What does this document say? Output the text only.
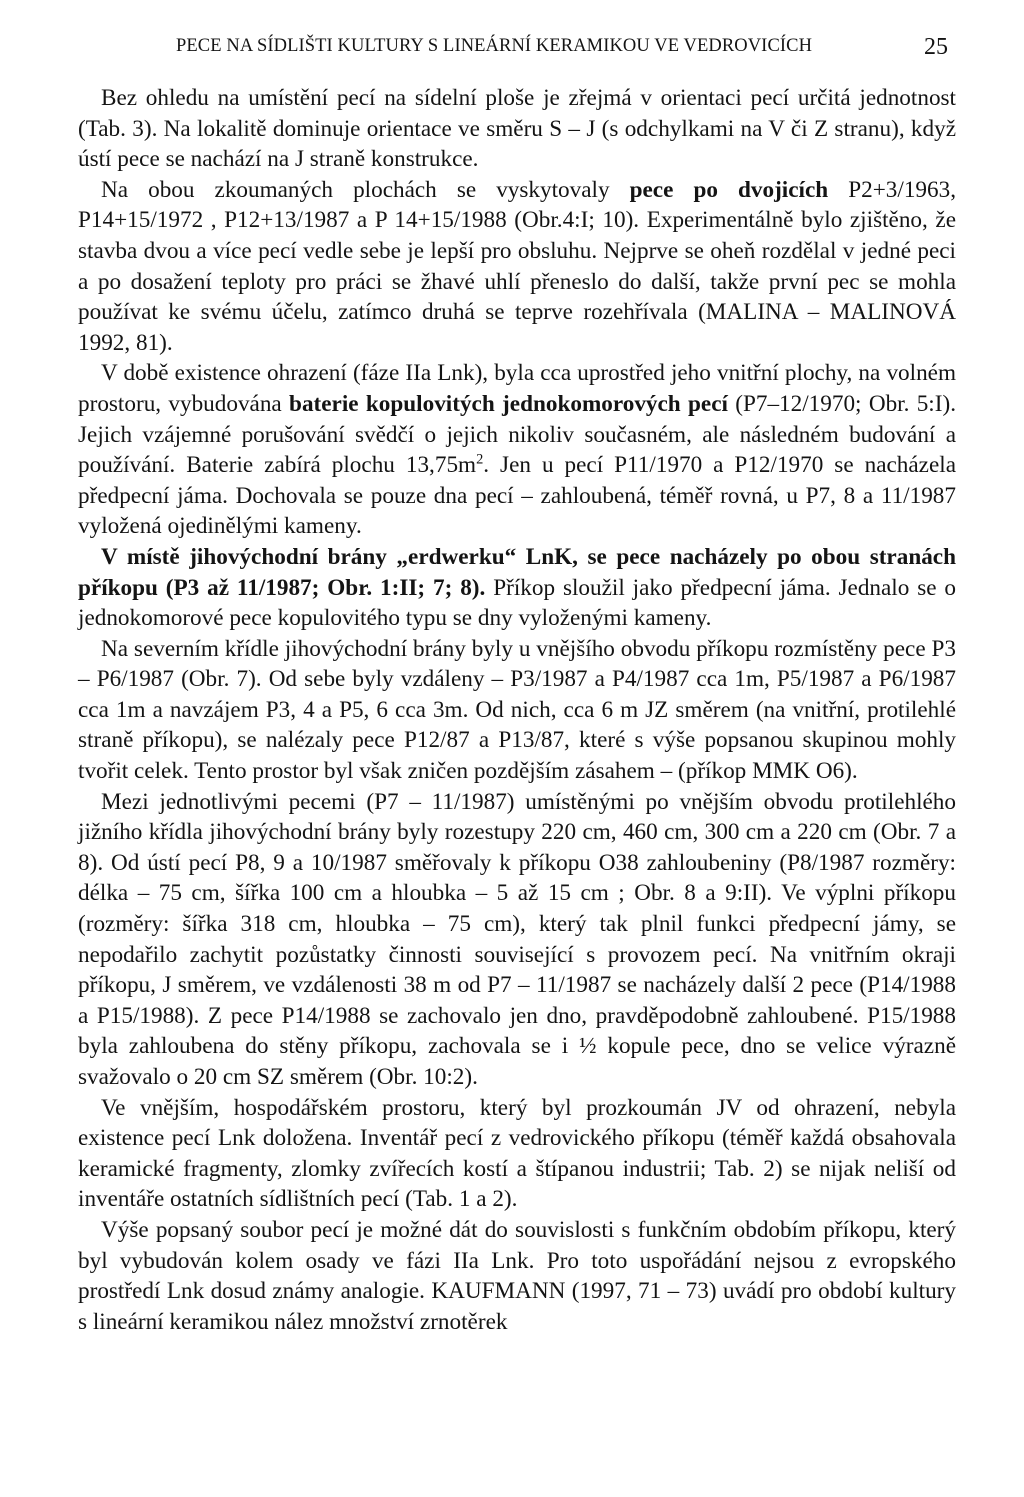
PECE NA SÍDLIŠTI KULTURY S LINEÁRNÍ KERAMIKOU VE VEDROVICÍCH	25

Bez ohledu na umístění pecí na sídelní ploše je zřejmá v orientaci pecí určitá jednotnost (Tab. 3). Na lokalitě dominuje orientace ve směru S – J (s odchylkami na V či Z stranu), když ústí pece se nachází na J straně konstrukce.

Na obou zkoumaných plochách se vyskytovaly pece po dvojicích P2+3/1963, P14+15/1972 , P12+13/1987 a P 14+15/1988 (Obr.4:I; 10). Experimentálně bylo zjištěno, že stavba dvou a více pecí vedle sebe je lepší pro obsluhu. Nejprve se oheň rozdělal v jedné peci a po dosažení teploty pro práci se žhavé uhlí přeneslo do další, takže první pec se mohla používat ke svému účelu, zatímco druhá se teprve rozehřívala (MALINA – MALINOVÁ 1992, 81).

V době existence ohrazení (fáze IIa Lnk), byla cca uprostřed jeho vnitřní plochy, na volném prostoru, vybudována baterie kopulovitých jednokomorových pecí (P7–12/1970; Obr. 5:I). Jejich vzájemné porušování svědčí o jejich nikoliv současném, ale následném budování a používání. Baterie zabírá plochu $13,75m^2$. Jen u pecí P11/1970 a P12/1970 se nacházela předpecní jáma. Dochovala se pouze dna pecí – zahloubená, téměř rovná, u P7, 8 a 11/1987 vyložená ojedinělými kameny.

V místě jihovýchodní brány „erdwerku“ LnK, se pece nacházely po obou stranách příkopu (P3 až 11/1987; Obr. 1:II; 7; 8). Příkop sloužil jako předpecní jáma. Jednalo se o jednokomorové pece kopulovitého typu se dny vyloženými kameny.

Na severním křídle jihovýchodní brány byly u vnějšího obvodu příkopu rozmístěny pece P3 – P6/1987 (Obr. 7). Od sebe byly vzdáleny – P3/1987 a P4/1987 cca 1m, P5/1987 a P6/1987 cca 1m a navzájem P3, 4 a P5, 6 cca 3m. Od nich, cca 6 m JZ směrem (na vnitřní, protilehlé straně příkopu), se nalézaly pece P12/87 a P13/87, které s výše popsanou skupinou mohly tvořit celek. Tento prostor byl však zničen pozdějším zásahem – (příkop MMK O6).

Mezi jednotlivými pecemi (P7 – 11/1987) umístěnými po vnějším obvodu protilehlého jižního křídla jihovýchodní brány byly rozestupy 220 cm, 460 cm, 300 cm a 220 cm (Obr. 7 a 8). Od ústí pecí P8, 9 a 10/1987 směřovaly k příkopu O38 zahloubeniny (P8/1987 rozměry: délka – 75 cm, šířka 100 cm a hloubka – 5 až 15 cm ; Obr. 8 a 9:II). Ve výplni příkopu (rozměry: šířka 318 cm, hloubka – 75 cm), který tak plnil funkci předpecní jámy, se nepodařilo zachytit pozůstatky činnosti související s provozem pecí. Na vnitřním okraji příkopu, J směrem, ve vzdálenosti 38 m od P7 – 11/1987 se nacházely další 2 pece (P14/1988 a P15/1988). Z pece P14/1988 se zachovalo jen dno, pravděpodobně zahloubené. P15/1988 byla zahloubena do stěny příkopu, zachovala se i ½ kopule pece, dno se velice výrazně svažovalo o 20 cm SZ směrem (Obr. 10:2).

Ve vnějším, hospodářském prostoru, který byl prozkoumán JV od ohrazení, nebyla existence pecí Lnk doložena. Inventář pecí z vedrovického příkopu (téměř každá obsahovala keramické fragmenty, zlomky zvířecích kostí a štípanou industrii; Tab. 2) se nijak neliší od inventáře ostatních sídlištních pecí (Tab. 1 a 2).

Výše popsaný soubor pecí je možné dát do souvislosti s funkčním obdobím příkopu, který byl vybudován kolem osady ve fázi IIa Lnk. Pro toto uspořádání nejsou z evropského prostředí Lnk dosud známy analogie. KAUFMANN (1997, 71 – 73) uvádí pro období kultury s lineární keramikou nález množství zrnotěrek
